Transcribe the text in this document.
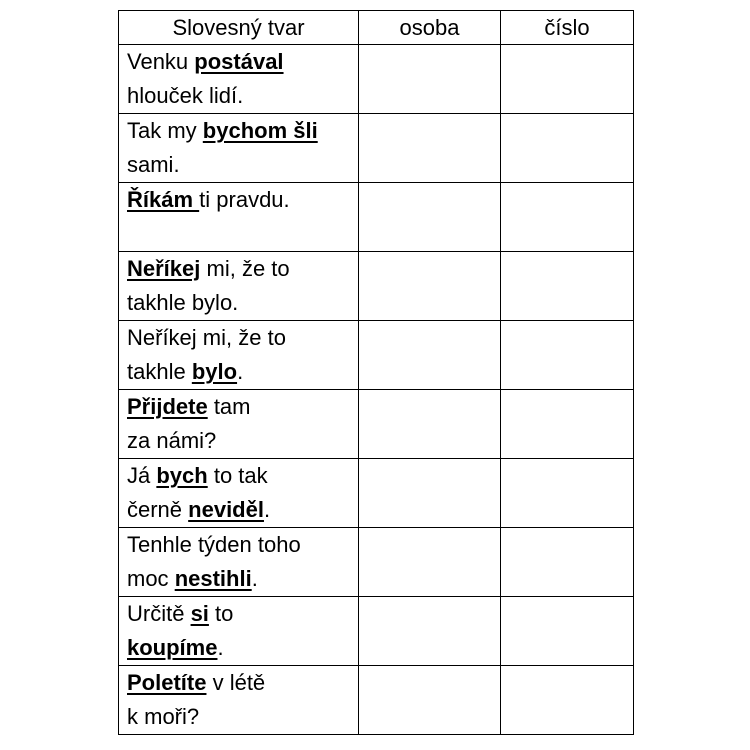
Slovesný tvar	osoba	číslo

Venku postával
hlouček lidí.		

Tak my bychom šli
sami.		

Říkám ti pravdu.		

Neříkej mi, že to
takhle bylo.		

Neříkej mi, že to
takhle bylo.		

Přijdete tam
za námi?		

Já bych to tak
černě neviděl.		

Tenhle týden toho
moc nestihli.		

Určitě si to
koupíme.		

Poletíte v létě
k moři?		
